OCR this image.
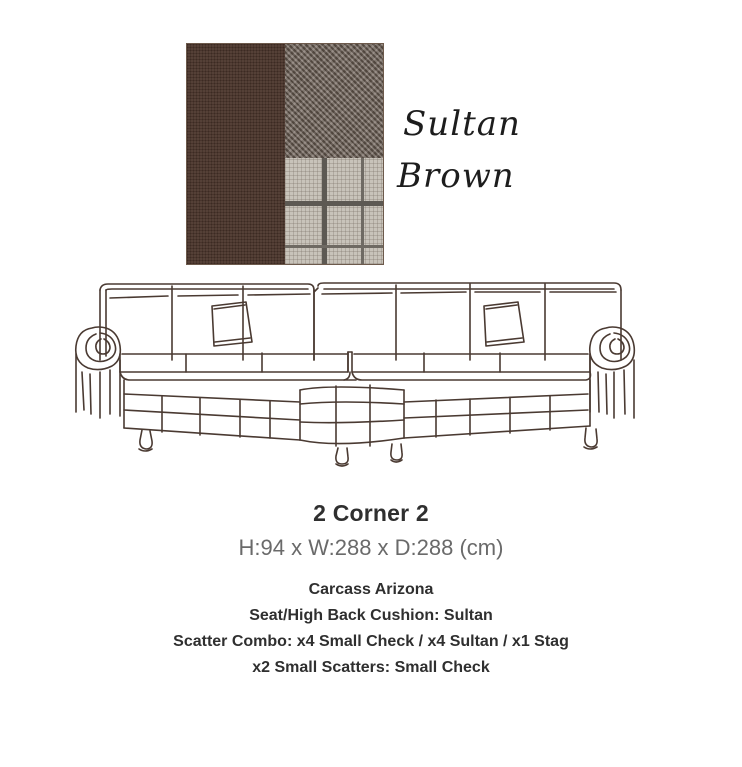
Sultan
Brown
2 Corner 2
H:94 x W:288 x D:288 (cm)
Carcass Arizona
Seat/High Back Cushion: Sultan
Scatter Combo: x4 Small Check / x4 Sultan / x1 Stag
x2 Small Scatters: Small Check
